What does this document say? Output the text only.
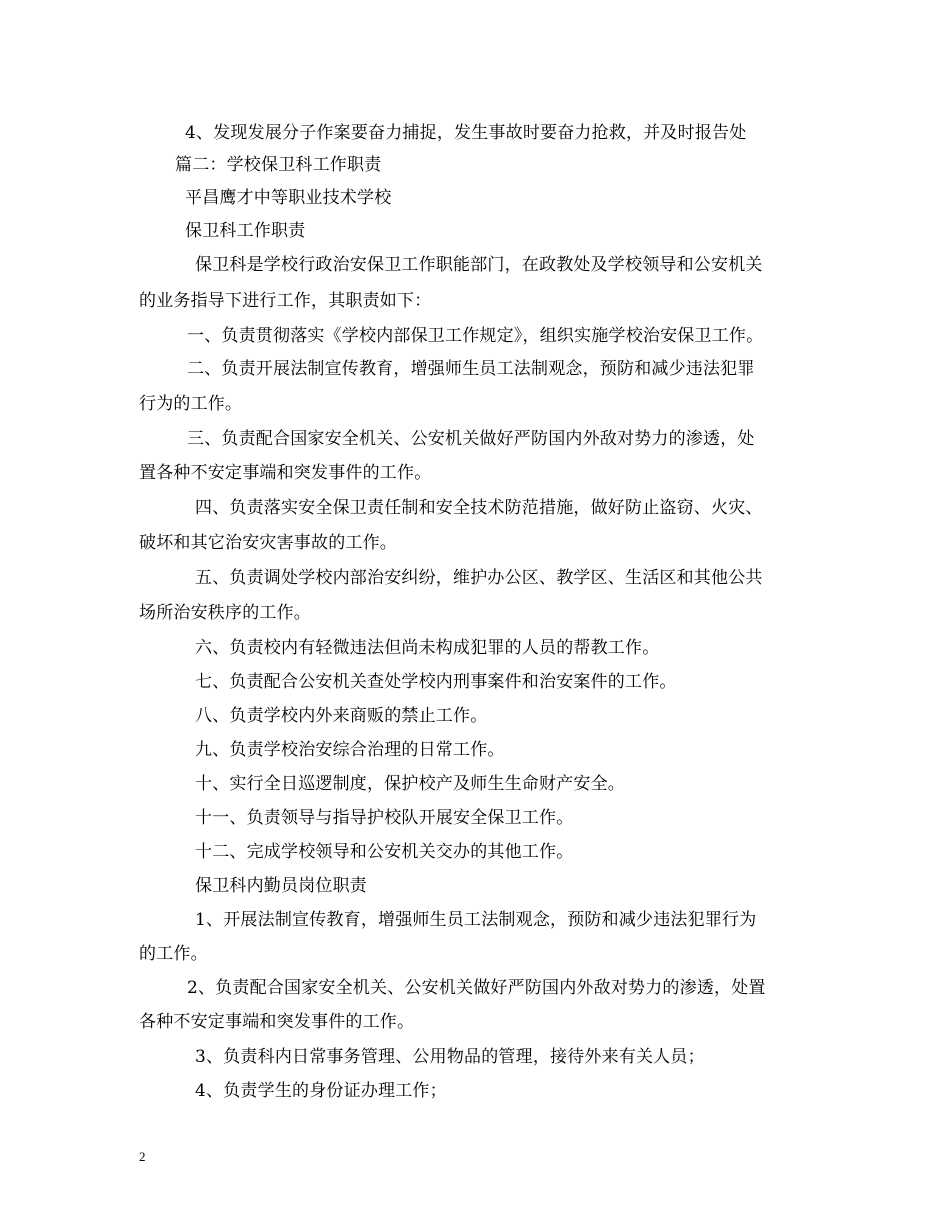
4、发现发展分子作案要奋力捕捉，发生事故时要奋力抢救，并及时报告处
篇二：学校保卫科工作职责
平昌鹰才中等职业技术学校
保卫科工作职责
保卫科是学校行政治安保卫工作职能部门，在政教处及学校领导和公安机关
的业务指导下进行工作，其职责如下：
一、负责贯彻落实《学校内部保卫工作规定》，组织实施学校治安保卫工作。
二、负责开展法制宣传教育，增强师生员工法制观念，预防和减少违法犯罪
行为的工作。
三、负责配合国家安全机关、公安机关做好严防国内外敌对势力的渗透，处
置各种不安定事端和突发事件的工作。
四、负责落实安全保卫责任制和安全技术防范措施，做好防止盗窃、火灾、
破坏和其它治安灾害事故的工作。
五、负责调处学校内部治安纠纷，维护办公区、教学区、生活区和其他公共
场所治安秩序的工作。
六、负责校内有轻微违法但尚未构成犯罪的人员的帮教工作。
七、负责配合公安机关查处学校内刑事案件和治安案件的工作。
八、负责学校内外来商贩的禁止工作。
九、负责学校治安综合治理的日常工作。
十、实行全日巡逻制度，保护校产及师生生命财产安全。
十一、负责领导与指导护校队开展安全保卫工作。
十二、完成学校领导和公安机关交办的其他工作。
保卫科内勤员岗位职责
1、开展法制宣传教育，增强师生员工法制观念，预防和减少违法犯罪行为
的工作。
2、负责配合国家安全机关、公安机关做好严防国内外敌对势力的渗透，处置
各种不安定事端和突发事件的工作。
3、负责科内日常事务管理、公用物品的管理，接待外来有关人员；
4、负责学生的身份证办理工作；
2
